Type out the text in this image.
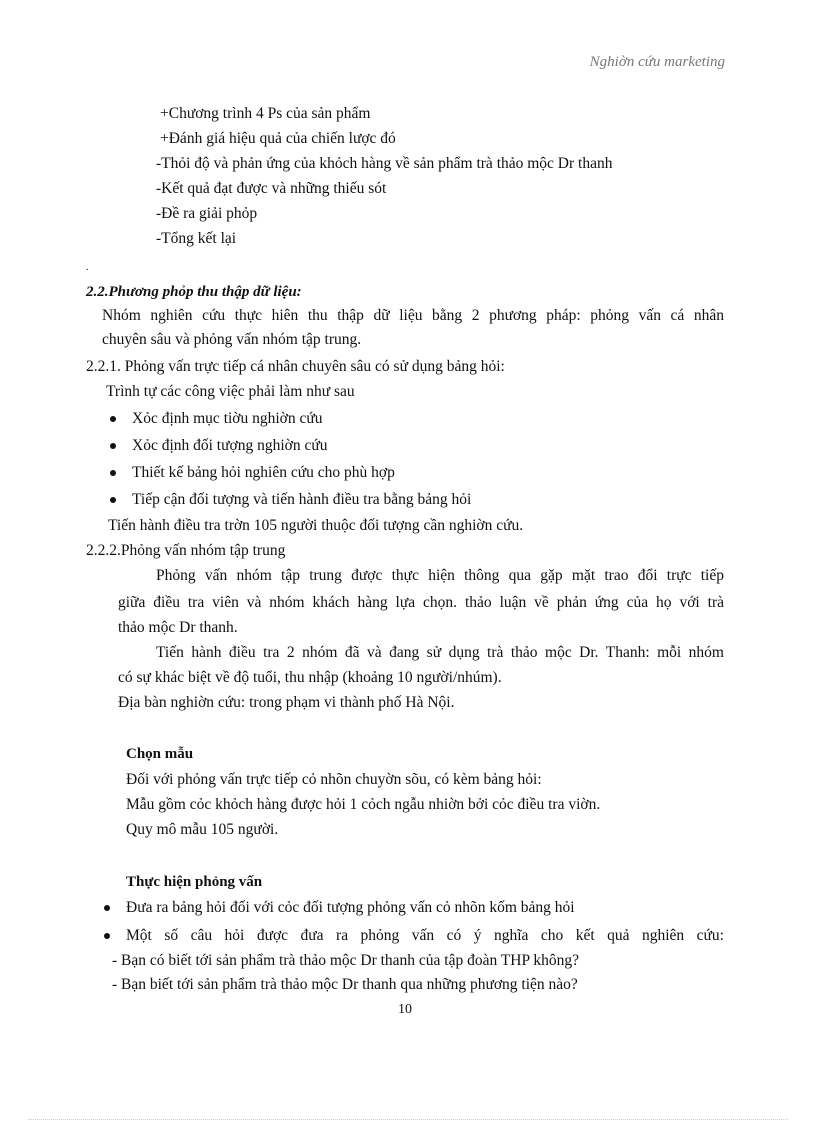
Nghiờn cứu marketing
+Chương trình 4 Ps của sản phẩm
+Đánh giá hiệu quả của chiến lược đó
-Thỏi độ và phản ứng của khỏch hàng về sản phẩm trà thảo mộc Dr thanh
-Kết quả đạt được và những thiếu sót
-Đề ra giải phỏp
-Tổng kết lại
.
2.2.Phương phỏp thu thập dữ liệu:
Nhóm nghiên cứu thực hiên thu thập dữ liệu bằng 2 phương pháp: phỏng vấn cá nhân
chuyên sâu và phỏng vấn nhóm tập trung.
2.2.1. Phỏng vấn trực tiếp cá nhân chuyên sâu có sử dụng bảng hỏi:
Trình tự các công việc phải làm như sau
Xỏc định mục tiờu nghiờn cứu
Xỏc định đối tượng nghiờn cứu
Thiết kế bảng hỏi nghiên cứu cho phù hợp
Tiếp cận đối tượng và tiến hành điều tra bằng bảng hỏi
Tiến hành điều tra trờn 105 người thuộc đối tượng cần nghiờn cứu.
2.2.2.Phỏng vấn nhóm tập trung
Phỏng vấn nhóm tập trung được thực hiện thông qua gặp mặt trao đổi trực tiếp
giữa điều tra viên và nhóm khách hàng lựa chọn. thảo luận về phản ứng của họ với trà
thảo mộc Dr thanh.
Tiến hành điều tra 2 nhóm đã và đang sử dụng trà thảo mộc Dr. Thanh: mỗi nhóm
có sự khác biệt về độ tuổi, thu nhập (khoảng 10 người/nhúm).
Địa bàn nghiờn cứu: trong phạm vi thành phố Hà Nội.
Chọn mẫu
Đối với phỏng vấn trực tiếp cỏ nhõn chuyờn sõu, có kèm bảng hỏi:
Mẫu gồm cỏc khỏch hàng được hỏi 1 cỏch ngẫu nhiờn bởi cỏc điều tra viờn.
Quy mô mẫu 105 người.
Thực hiện phỏng vấn
Đưa ra bảng hỏi đối với cỏc đối tượng phỏng vấn cỏ nhõn kốm bảng hỏi
Một số câu hỏi được đưa ra phỏng vấn có ý nghĩa cho kết quả nghiên cứu:
- Bạn có biết tới sản phẩm trà thảo mộc Dr thanh của tập đoàn THP không?
- Bạn biết tới sản phẩm trà thảo mộc Dr thanh qua những phương tiện nào?
10
